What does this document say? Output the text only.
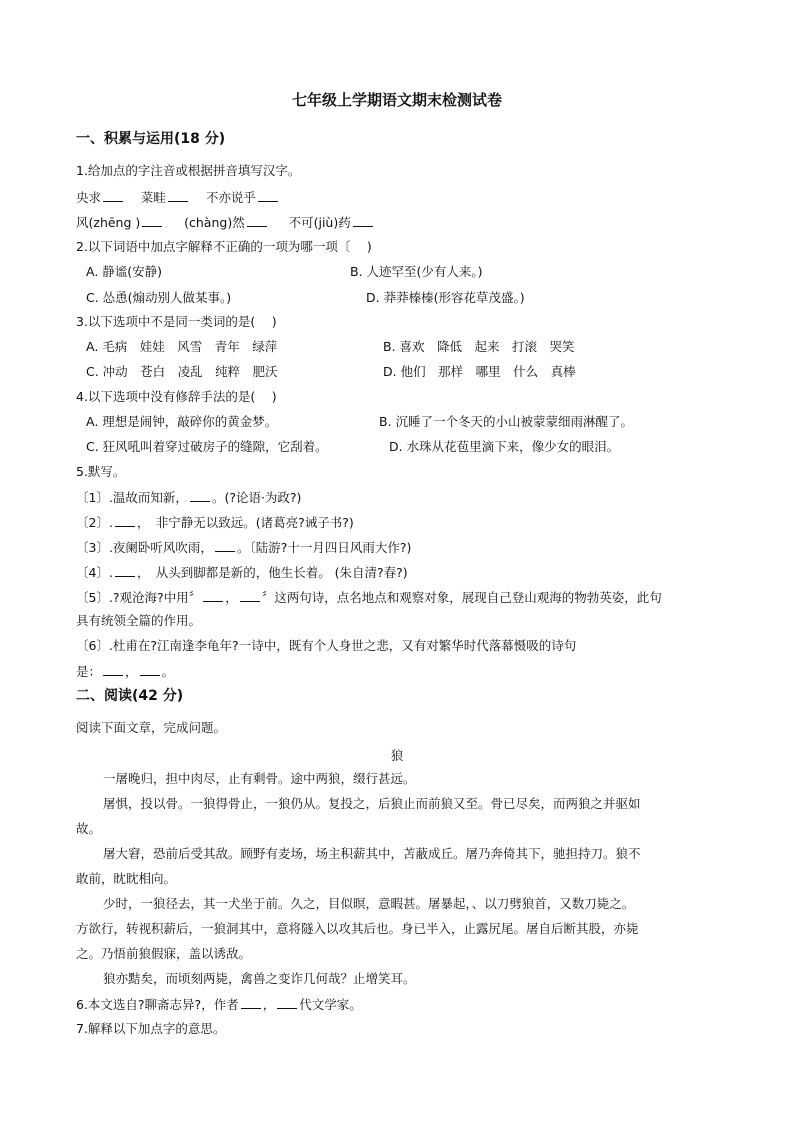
七年级上学期语文期末检测试卷
一、积累与运用(18 分)
1.给加点的字注音或根据拼音填写汉字。
央求	菜畦	不亦说乎
风(zhēng )	(chàng)然	不可(jiù)药
2.以下词语中加点字解释不正确的一项为哪一项〔　 )
A. 静谧(安静)	B. 人迹罕至(少有人来。)
C. 怂恿(煽动别人做某事。)	D. 莽莽榛榛(形容花草茂盛。)
3.以下选项中不是同一类词的是(　 )
A. 毛病　娃娃　风雪　青年　绿萍	B. 喜欢　降低　起来　打滚　哭笑
C. 冲动　苍白　凌乱　纯粹　肥沃	D. 他们　那样　哪里　什么　真棒
4.以下选项中没有修辞手法的是(　 )
A. 理想是闹钟，敲碎你的黄金梦。	B. 沉睡了一个冬天的小山被蒙蒙细雨淋醒了。
C. 狂风吼叫着穿过破房子的缝隙，它刮着。	D. 水珠从花苞里滴下来，像少女的眼泪。
5.默写。
〔1〕.温故而知新， 。(?论语·为政?)
〔2〕. ，　非宁静无以致远。(诸葛亮?诫子书?)
〔3〕.夜阑卧听风吹雨， 。〔陆游?十一月四日风雨大作?)
〔4〕. ，　从头到脚都是新的，他生长着。 (朱自清?春?)
〔5〕.?观沧海?中用〞 ， 〞这两句诗，点名地点和观察对象，展现自己登山观海的物勃英姿，此句
具有统领全篇的作用。
〔6〕.杜甫在?江南逢李龟年?一诗中，既有个人身世之悲，又有对繁华时代落幕慑吸的诗句
是： ， 。
二、阅读(42 分)
阅读下面文章，完成问题。
狼
一屠晚归，担中肉尽，止有剩骨。途中两狼，缀行甚远。
屠惧，投以骨。一狼得骨止，一狼仍从。复投之，后狼止而前狼又至。骨已尽矣，而两狼之并驱如
故。
屠大窘，恐前后受其敌。顾野有麦场，场主积薪其中，苫蔽成丘。屠乃奔倚其下，驰担持刀。狼不
敢前，眈眈相向。
少时，一狼径去，其一犬坐于前。久之，目似暝，意暇甚。屠暴起，、以刀劈狼首，又数刀毙之。
方欲行，转视积薪后，一狼洞其中，意将隧入以攻其后也。身已半入，止露尻尾。屠自后断其股，亦毙
之。乃悟前狼假寐，盖以诱敌。
狼亦黠矣，而顷刻两毙，禽兽之变诈几何哉？止增笑耳。
6.本文选自?聊斋志异?，作者 ， 代文学家。
7.解释以下加点字的意思。
